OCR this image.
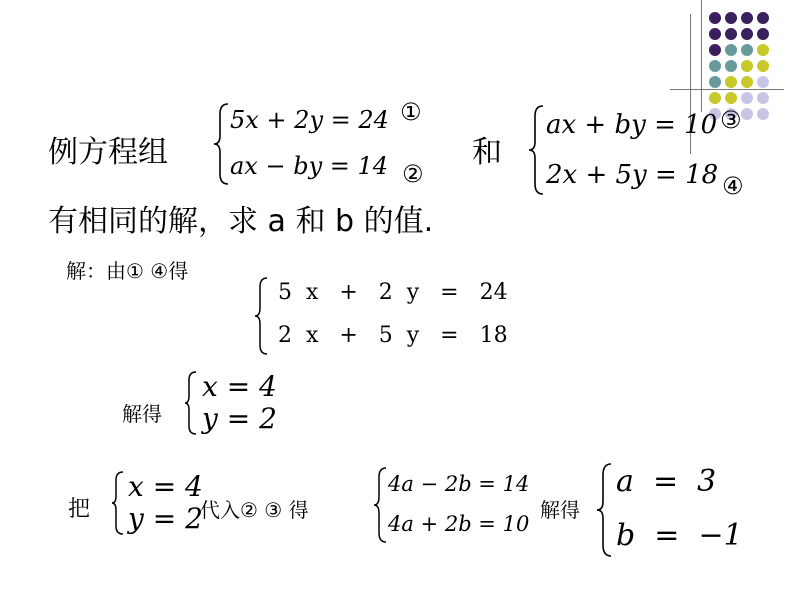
例方程组
5x + 2y = 24
ax − by = 14
①
②
和
ax + by = 10
2x + 5y = 18
③
④
有相同的解，求 a 和 b 的值.
解：由① ④得
5  x   +   2  y   =   24
2  x   +   5  y   =   18
解得
x = 4
y = 2
把
x = 4
y = 2
代入② ③ 得
4a − 2b = 14
4a + 2b = 10
解得
a  =  3
b  =  −1
